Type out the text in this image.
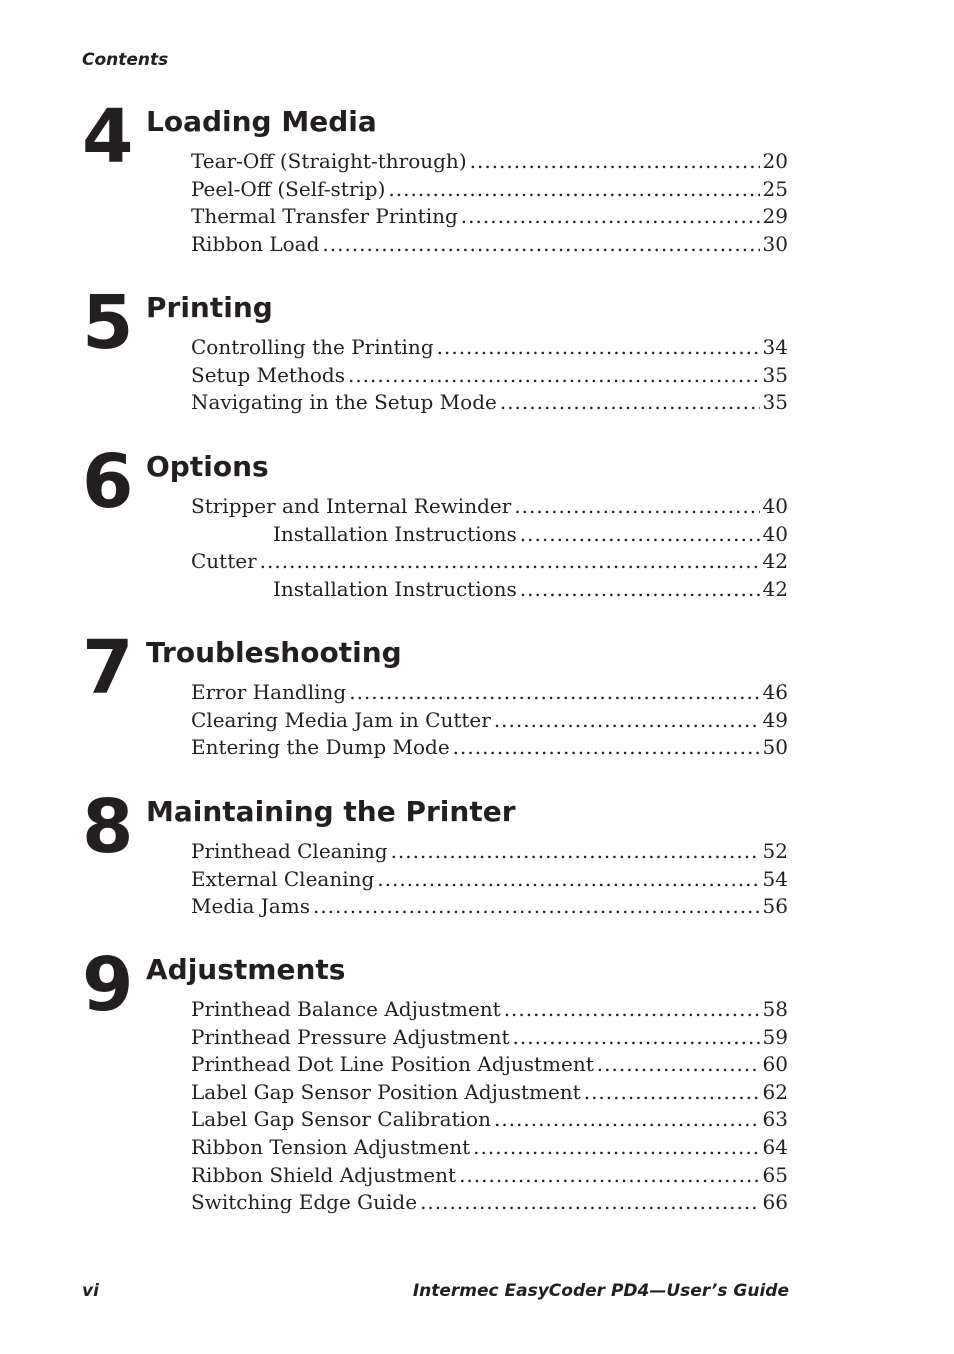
Contents
4 Loading Media
Tear-Off (Straight-through) .....	20
Peel-Off (Self-strip) .....	25
Thermal Transfer Printing .....	29
Ribbon Load .....	30
5 Printing
Controlling the Printing .....	34
Setup Methods .....	35
Navigating in the Setup Mode .....	35
6 Options
Stripper and Internal Rewinder .....	40
Installation Instructions .....	40
Cutter .....	42
Installation Instructions .....	42
7 Troubleshooting
Error Handling .....	46
Clearing Media Jam in Cutter .....	49
Entering the Dump Mode .....	50
8 Maintaining the Printer
Printhead Cleaning .....	52
External Cleaning .....	54
Media Jams .....	56
9 Adjustments
Printhead Balance Adjustment .....	58
Printhead Pressure Adjustment .....	59
Printhead Dot Line Position Adjustment .....	60
Label Gap Sensor Position Adjustment .....	62
Label Gap Sensor Calibration .....	63
Ribbon Tension Adjustment .....	64
Ribbon Shield Adjustment .....	65
Switching Edge Guide .....	66
vi	Intermec EasyCoder PD4—User’s Guide
